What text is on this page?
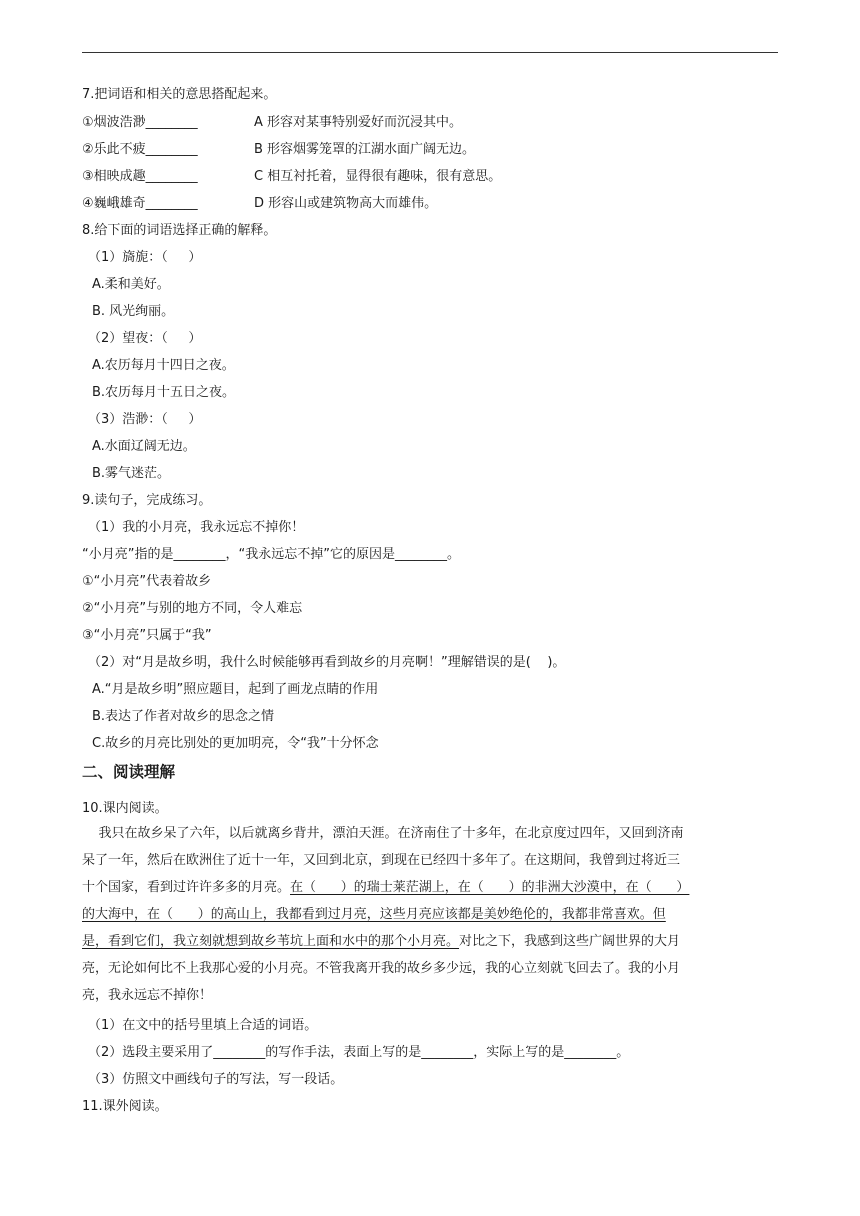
7.把词语和相关的意思搭配起来。
①烟波浩渺________	A 形容对某事特别爱好而沉浸其中。
②乐此不疲________	B 形容烟雾笼罩的江湖水面广阔无边。
③相映成趣________	C 相互衬托着，显得很有趣味，很有意思。
④巍峨雄奇________	D 形容山或建筑物高大而雄伟。
8.给下面的词语选择正确的解释。
（1）旖旎：（     ）
A.柔和美好。
B. 风光绚丽。
（2）望夜：（     ）
A.农历每月十四日之夜。
B.农历每月十五日之夜。
（3）浩渺：（     ）
A.水面辽阔无边。
B.雾气迷茫。
9.读句子，完成练习。
（1）我的小月亮，我永远忘不掉你！
“小月亮”指的是________，“我永远忘不掉”它的原因是________。
①“小月亮”代表着故乡
②“小月亮”与别的地方不同，令人难忘
③“小月亮”只属于“我”
（2）对“月是故乡明，我什么时候能够再看到故乡的月亮啊！”理解错误的是(    )。
A.“月是故乡明”照应题目，起到了画龙点睛的作用
B.表达了作者对故乡的思念之情
C.故乡的月亮比别处的更加明亮，令“我”十分怀念
二、阅读理解
10.课内阅读。
我只在故乡呆了六年，以后就离乡背井，漂泊天涯。在济南住了十多年，在北京度过四年，又回到济南
呆了一年，然后在欧洲住了近十一年，又回到北京，到现在已经四十多年了。在这期间，我曾到过将近三
十个国家，看到过许许多多的月亮。在（      ）的瑞士莱茫湖上，在（      ）的非洲大沙漠中，在（      ）
的大海中，在（      ）的高山上，我都看到过月亮，这些月亮应该都是美妙绝伦的，我都非常喜欢。但
是，看到它们，我立刻就想到故乡苇坑上面和水中的那个小月亮。对比之下，我感到这些广阔世界的大月
亮，无论如何比不上我那心爱的小月亮。不管我离开我的故乡多少远，我的心立刻就飞回去了。我的小月
亮，我永远忘不掉你！
（1）在文中的括号里填上合适的词语。
（2）选段主要采用了________的写作手法，表面上写的是________，实际上写的是________。
（3）仿照文中画线句子的写法，写一段话。
11.课外阅读。
